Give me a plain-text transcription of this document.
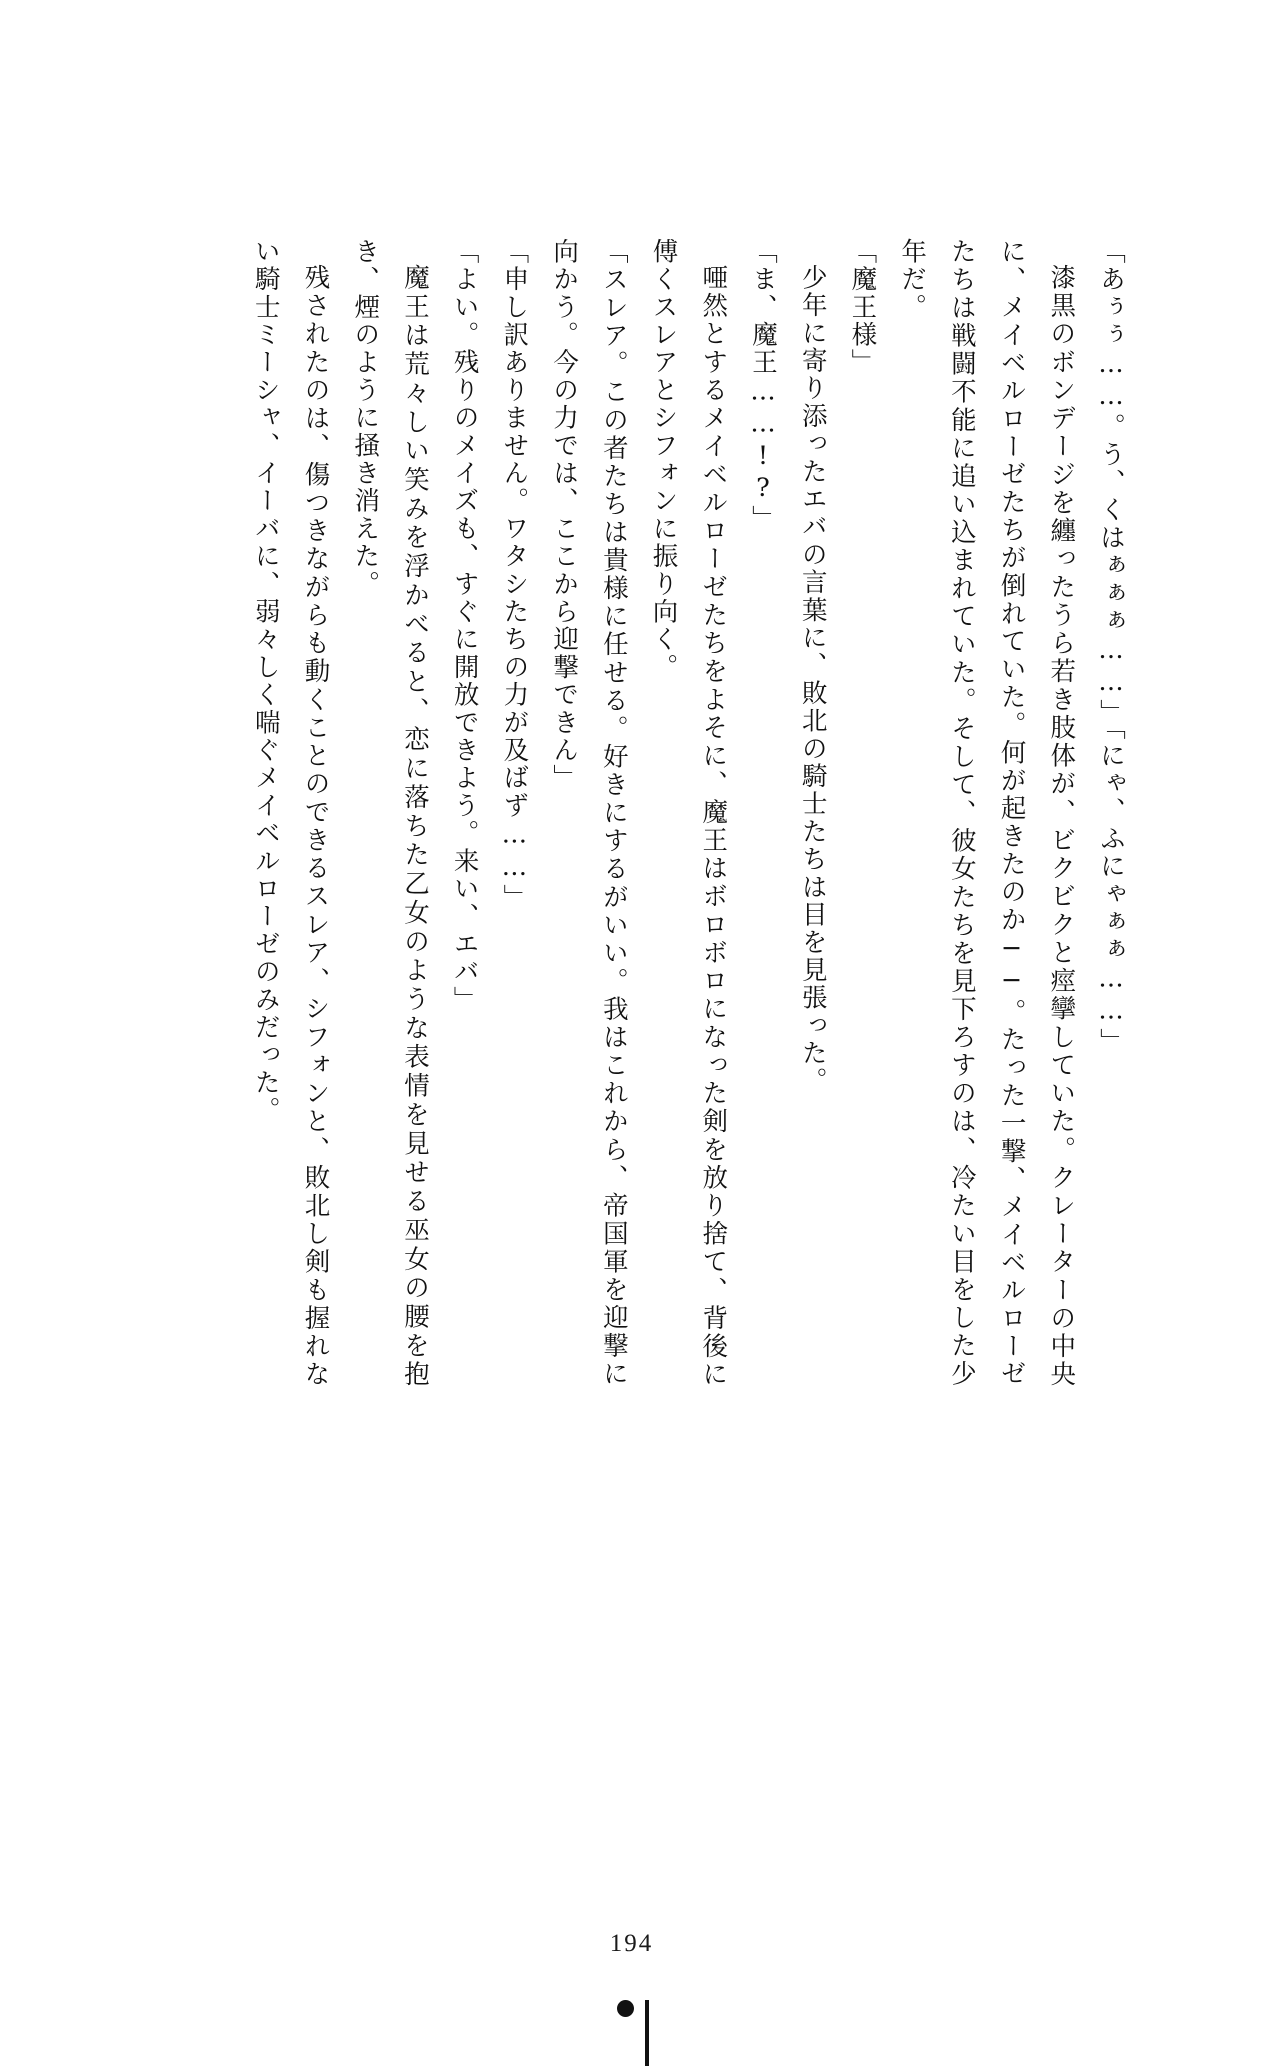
「あぅぅ……。う、くはぁぁぁ……」「にゃ、ふにゃぁぁ……」

漆黒のボンデージを纏ったうら若き肢体が、ビクビクと痙攣していた。クレーターの中央に、メイベルローゼたちが倒れていた。何が起きたのか──。たった一撃、メイベルローゼたちは戦闘不能に追い込まれていた。そして、彼女たちを見下ろすのは、冷たい目をした少年だ。

「魔王様」

少年に寄り添ったエバの言葉に、敗北の騎士たちは目を見張った。

「ま、魔王……!?」

唖然とするメイベルローゼたちをよそに、魔王はボロボロになった剣を放り捨て、背後に傅くスレアとシフォンに振り向く。

「スレア。この者たちは貴様に任せる。好きにするがいい。我はこれから、帝国軍を迎撃に向かう。今の力では、ここから迎撃できん」

「申し訳ありません。ワタシたちの力が及ばず……」

「よい。残りのメイズも、すぐに開放できよう。来い、エバ」

魔王は荒々しい笑みを浮かべると、恋に落ちた乙女のような表情を見せる巫女の腰を抱き、煙のように掻き消えた。

残されたのは、傷つきながらも動くことのできるスレア、シフォンと、敗北し剣も握れない騎士ミーシャ、イーバに、弱々しく喘ぐメイベルローゼのみだった。

194
